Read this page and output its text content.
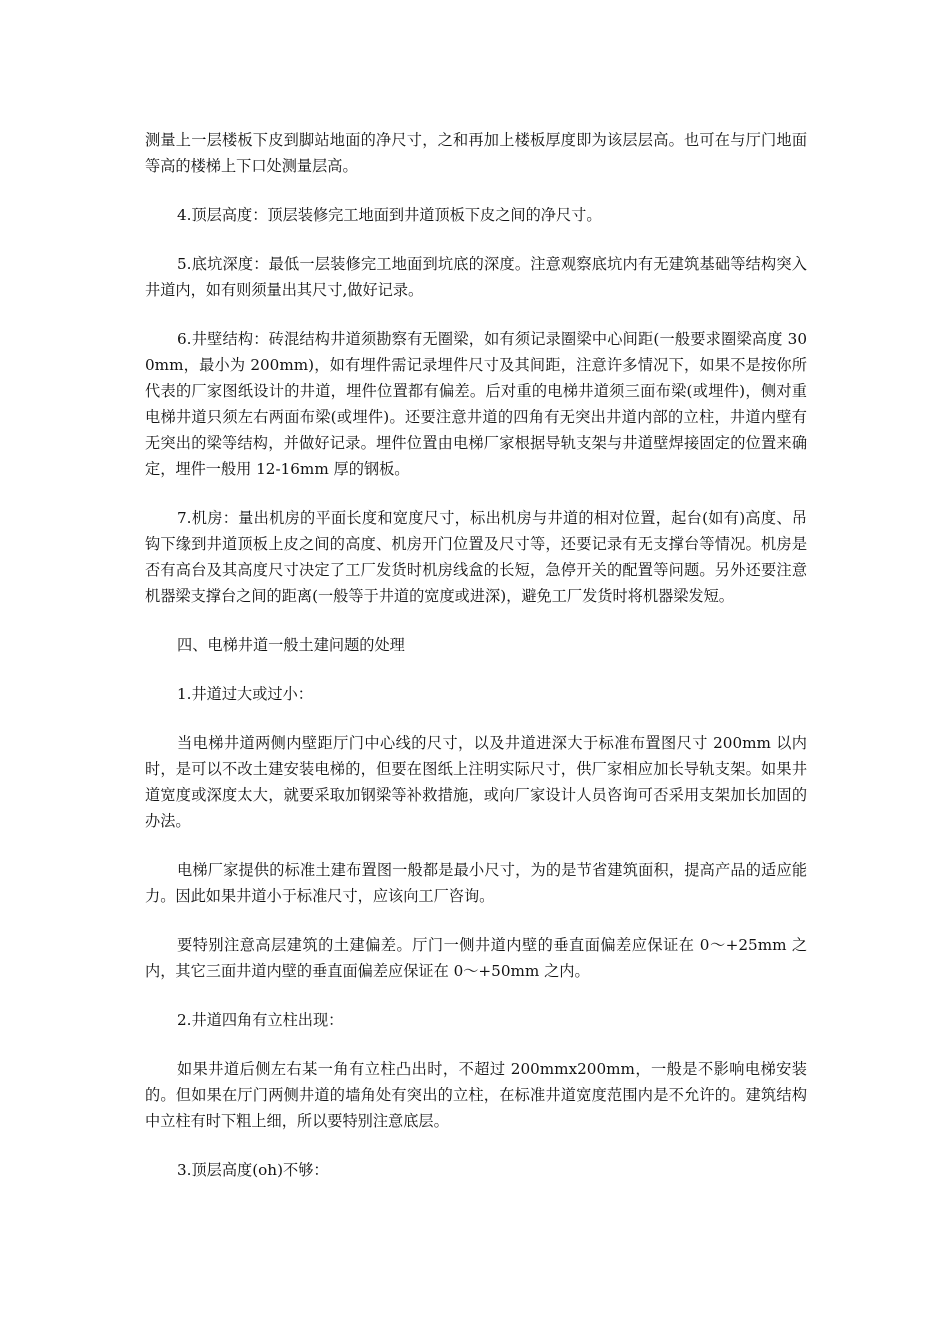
测量上一层楼板下皮到脚站地面的净尺寸，之和再加上楼板厚度即为该层层高。也可在与厅门地面等高的楼梯上下口处测量层高。

4.顶层高度：顶层装修完工地面到井道顶板下皮之间的净尺寸。

5.底坑深度：最低一层装修完工地面到坑底的深度。注意观察底坑内有无建筑基础等结构突入井道内，如有则须量出其尺寸,做好记录。

6.井壁结构：砖混结构井道须勘察有无圈梁，如有须记录圈梁中心间距(一般要求圈梁高度 300mm，最小为 200mm)，如有埋件需记录埋件尺寸及其间距，注意许多情况下，如果不是按你所代表的厂家图纸设计的井道，埋件位置都有偏差。后对重的电梯井道须三面布梁(或埋件)，侧对重电梯井道只须左右两面布梁(或埋件)。还要注意井道的四角有无突出井道内部的立柱，井道内壁有无突出的梁等结构，并做好记录。埋件位置由电梯厂家根据导轨支架与井道壁焊接固定的位置来确定，埋件一般用 12-16mm 厚的钢板。

7.机房：量出机房的平面长度和宽度尺寸，标出机房与井道的相对位置，起台(如有)高度、吊钩下缘到井道顶板上皮之间的高度、机房开门位置及尺寸等，还要记录有无支撑台等情况。机房是否有高台及其高度尺寸决定了工厂发货时机房线盒的长短，急停开关的配置等问题。另外还要注意机器梁支撑台之间的距离(一般等于井道的宽度或进深)，避免工厂发货时将机器梁发短。

四、电梯井道一般土建问题的处理

1.井道过大或过小：

当电梯井道两侧内壁距厅门中心线的尺寸，以及井道进深大于标准布置图尺寸 200mm 以内时，是可以不改土建安装电梯的，但要在图纸上注明实际尺寸，供厂家相应加长导轨支架。如果井道宽度或深度太大，就要采取加钢梁等补救措施，或向厂家设计人员咨询可否采用支架加长加固的办法。

电梯厂家提供的标准土建布置图一般都是最小尺寸，为的是节省建筑面积，提高产品的适应能力。因此如果井道小于标准尺寸，应该向工厂咨询。

要特别注意高层建筑的土建偏差。厅门一侧井道内壁的垂直面偏差应保证在 0～+25mm 之内，其它三面井道内壁的垂直面偏差应保证在 0～+50mm 之内。

2.井道四角有立柱出现：

如果井道后侧左右某一角有立柱凸出时，不超过 200mmx200mm，一般是不影响电梯安装的。但如果在厅门两侧井道的墙角处有突出的立柱，在标准井道宽度范围内是不允许的。建筑结构中立柱有时下粗上细，所以要特别注意底层。

3.顶层高度(oh)不够：
